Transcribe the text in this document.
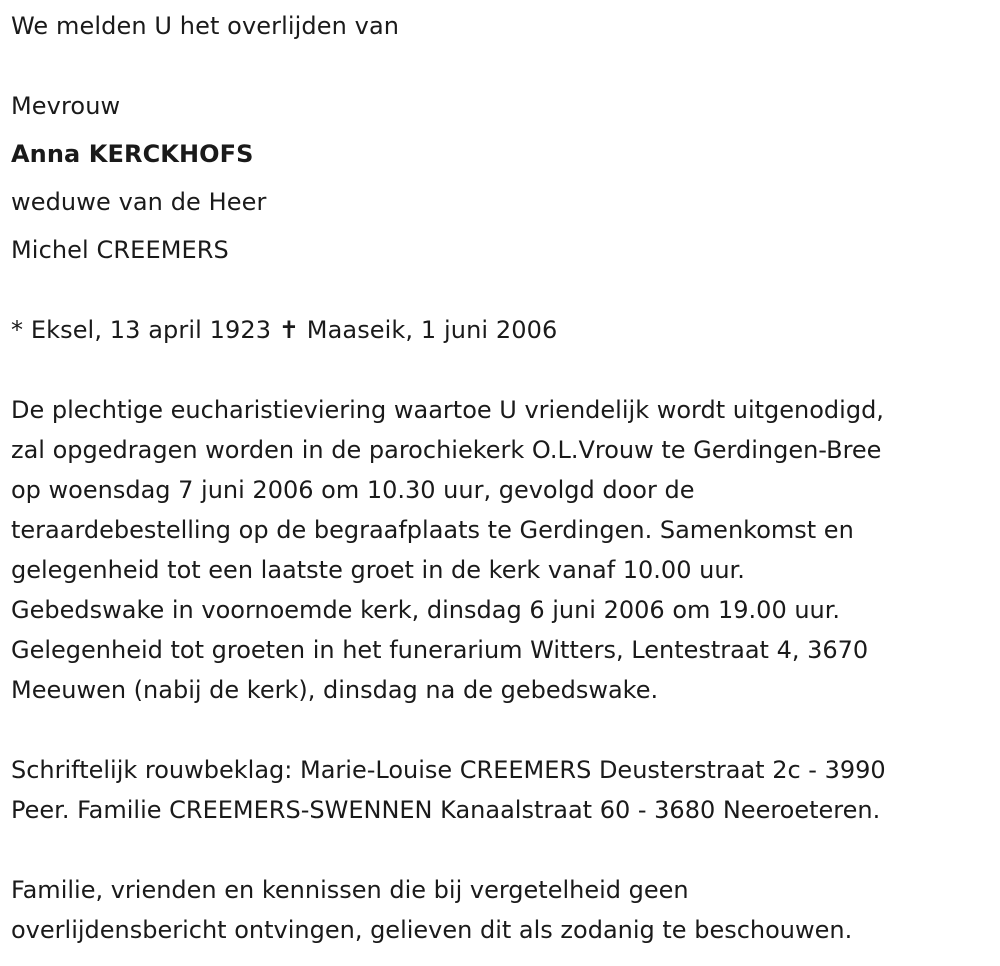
We melden U het overlijden van
Mevrouw
Anna KERCKHOFS
weduwe van de Heer
Michel CREEMERS
* Eksel, 13 april 1923 ✝ Maaseik, 1 juni 2006
De plechtige eucharistieviering waartoe U vriendelijk wordt uitgenodigd,
zal opgedragen worden in de parochiekerk O.L.Vrouw te Gerdingen-Bree
op woensdag 7 juni 2006 om 10.30 uur, gevolgd door de
teraardebestelling op de begraafplaats te Gerdingen. Samenkomst en
gelegenheid tot een laatste groet in de kerk vanaf 10.00 uur.
Gebedswake in voornoemde kerk, dinsdag 6 juni 2006 om 19.00 uur.
Gelegenheid tot groeten in het funerarium Witters, Lentestraat 4, 3670
Meeuwen (nabij de kerk), dinsdag na de gebedswake.
Schriftelijk rouwbeklag: Marie-Louise CREEMERS Deusterstraat 2c - 3990
Peer. Familie CREEMERS-SWENNEN Kanaalstraat 60 - 3680 Neeroeteren.
Familie, vrienden en kennissen die bij vergetelheid geen
overlijdensbericht ontvingen, gelieven dit als zodanig te beschouwen.
